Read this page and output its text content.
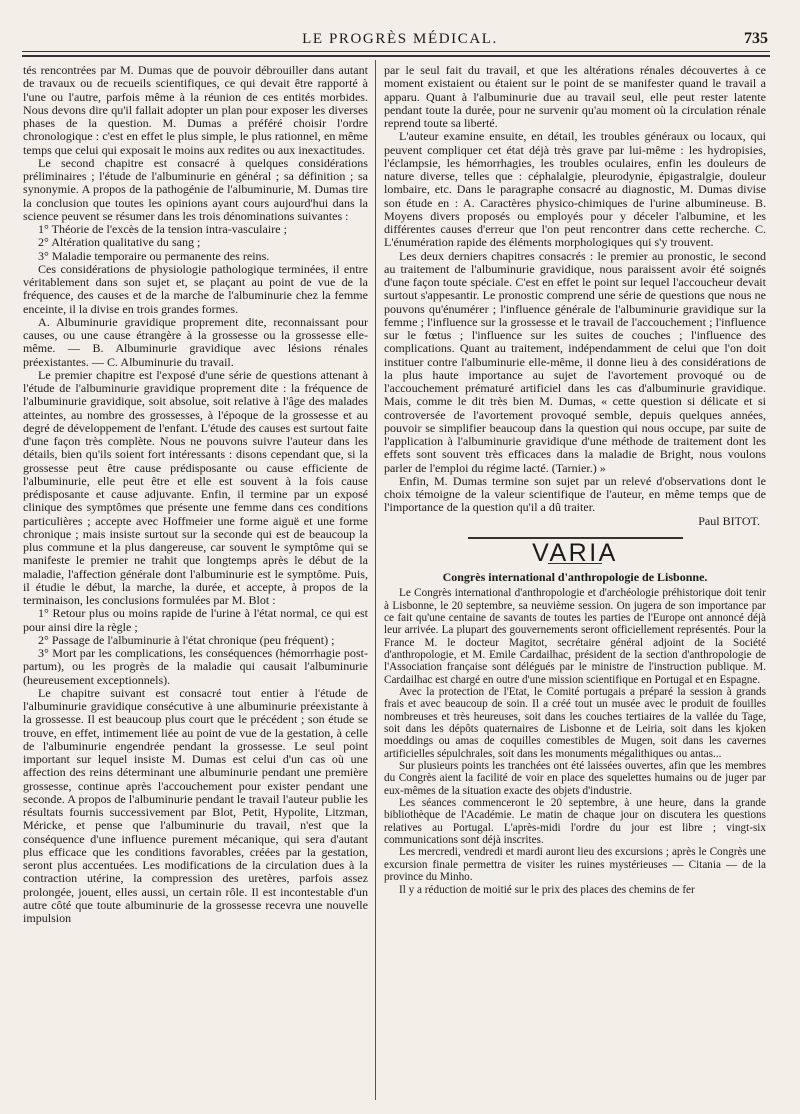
LE PROGRÈS MÉDICAL.	735

tés rencontrées par M. Dumas que de pouvoir débrouiller dans autant de travaux ou de recueils scientifiques, ce qui devait être rapporté à l'une ou l'autre, parfois même à la réunion de ces entités morbides. Nous devons dire qu'il fallait adopter un plan pour exposer les diverses phases de la question. M. Dumas a préféré choisir l'ordre chronologique : c'est en effet le plus simple, le plus rationnel, en même temps que celui qui exposait le moins aux redites ou aux inexactitudes.

Le second chapitre est consacré à quelques considérations préliminaires ; l'étude de l'albuminurie en général ; sa définition ; sa synonymie. A propos de la pathogénie de l'albuminurie, M. Dumas tire la conclusion que toutes les opinions ayant cours aujourd'hui dans la science peuvent se résumer dans les trois dénominations suivantes :

1° Théorie de l'excès de la tension intra-vasculaire ;

2° Altération qualitative du sang ;

3° Maladie temporaire ou permanente des reins.

Ces considérations de physiologie pathologique terminées, il entre véritablement dans son sujet et, se plaçant au point de vue de la fréquence, des causes et de la marche de l'albuminurie chez la femme enceinte, il la divise en trois grandes formes.

A. Albuminurie gravidique proprement dite, reconnaissant pour causes, ou une cause étrangère à la grossesse ou la grossesse elle-même. — B. Albuminurie gravidique avec lésions rénales préexistantes. — C. Albuminurie du travail.

Le premier chapitre est l'exposé d'une série de questions attenant à l'étude de l'albuminurie gravidique proprement dite : la fréquence de l'albuminurie gravidique, soit absolue, soit relative à l'âge des malades atteintes, au nombre des grossesses, à l'époque de la grossesse et au degré de développement de l'enfant. L'étude des causes est surtout faite d'une façon très complète. Nous ne pouvons suivre l'auteur dans les détails, bien qu'ils soient fort intéressants : disons cependant que, si la grossesse peut être cause prédisposante ou cause efficiente de l'albuminurie, elle peut être et elle est souvent à la fois cause prédisposante et cause adjuvante. Enfin, il termine par un exposé clinique des symptômes que présente une femme dans ces conditions particulières ; accepte avec Hoffmeier une forme aiguë et une forme chronique ; mais insiste surtout sur la seconde qui est de beaucoup la plus commune et la plus dangereuse, car souvent le symptôme qui se manifeste le premier ne trahit que longtemps après le début de la maladie, l'affection générale dont l'albuminurie est le symptôme. Puis, il étudie le début, la marche, la durée, et accepte, à propos de la terminaison, les conclusions formulées par M. Blot :

1° Retour plus ou moins rapide de l'urine à l'état normal, ce qui est pour ainsi dire la règle ;

2° Passage de l'albuminurie à l'état chronique (peu fréquent) ;

3° Mort par les complications, les conséquences (hémorrhagie post-partum), ou les progrès de la maladie qui causait l'albuminurie (heureusement exceptionnels).

Le chapitre suivant est consacré tout entier à l'étude de l'albuminurie gravidique consécutive à une albuminurie préexistante à la grossesse. Il est beaucoup plus court que le précédent ; son étude se trouve, en effet, intimement liée au point de vue de la gestation, à celle de l'albuminurie engendrée pendant la grossesse. Le seul point important sur lequel insiste M. Dumas est celui d'un cas où une affection des reins déterminant une albuminurie pendant une première grossesse, continue après l'accouchement pour exister pendant une seconde. A propos de l'albuminurie pendant le travail l'auteur publie les résultats fournis successivement par Blot, Petit, Hypolite, Litzman, Méricke, et pense que l'albuminurie du travail, n'est que la conséquence d'une influence purement mécanique, qui sera d'autant plus efficace que les conditions favorables, créées par la gestation, seront plus accentuées. Les modifications de la circulation dues à la contraction utérine, la compression des uretères, parfois assez prolongée, jouent, elles aussi, un certain rôle. Il est incontestable d'un autre côté que toute albuminurie de la grossesse recevra une nouvelle impulsion

par le seul fait du travail, et que les altérations rénales découvertes à ce moment existaient ou étaient sur le point de se manifester quand le travail a apparu. Quant à l'albuminurie due au travail seul, elle peut rester latente pendant toute la durée, pour ne survenir qu'au moment où la circulation rénale reprend toute sa liberté.

L'auteur examine ensuite, en détail, les troubles généraux ou locaux, qui peuvent compliquer cet état déjà très grave par lui-même : les hydropisies, l'éclampsie, les hémorrhagies, les troubles oculaires, enfin les douleurs de nature diverse, telles que : céphalalgie, pleurodynie, épigastralgie, douleur lombaire, etc. Dans le paragraphe consacré au diagnostic, M. Dumas divise son étude en : A. Caractères physico-chimiques de l'urine albumineuse. B. Moyens divers proposés ou employés pour y déceler l'albumine, et les différentes causes d'erreur que l'on peut rencontrer dans cette recherche. C. L'énumération rapide des éléments morphologiques qui s'y trouvent.

Les deux derniers chapitres consacrés : le premier au pronostic, le second au traitement de l'albuminurie gravidique, nous paraissent avoir été soignés d'une façon toute spéciale. C'est en effet le point sur lequel l'accoucheur devait surtout s'appesantir. Le pronostic comprend une série de questions que nous ne pouvons qu'énumérer ; l'influence générale de l'albuminurie gravidique sur la femme ; l'influence sur la grossesse et le travail de l'accouchement ; l'influence sur le fœtus ; l'influence sur les suites de couches ; l'influence des complications. Quant au traitement, indépendamment de celui que l'on doit instituer contre l'albuminurie elle-même, il donne lieu à des considérations de la plus haute importance au sujet de l'avortement provoqué ou de l'accouchement prématuré artificiel dans les cas d'albuminurie gravidique. Mais, comme le dit très bien M. Dumas, « cette question si délicate et si controversée de l'avortement provoqué semble, depuis quelques années, pouvoir se simplifier beaucoup dans la question qui nous occupe, par suite de l'application à l'albuminurie gravidique d'une méthode de traitement dont les effets sont souvent très efficaces dans la maladie de Bright, nous voulons parler de l'emploi du régime lacté. (Tarnier.) »

Enfin, M. Dumas termine son sujet par un relevé d'observations dont le choix témoigne de la valeur scientifique de l'auteur, en même temps que de l'importance de la question qu'il a dû traiter.

Paul BITOT.

VARIA
Congrès international d'anthropologie de Lisbonne.

Le Congrès international d'anthropologie et d'archéologie préhistorique doit tenir à Lisbonne, le 20 septembre, sa neuvième session. On jugera de son importance par ce fait qu'une centaine de savants de toutes les parties de l'Europe ont annoncé déjà leur arrivée. La plupart des gouvernements seront officiellement représentés. Pour la France M. le docteur Magitot, secrétaire général adjoint de la Société d'anthropologie, et M. Emile Cardailhac, président de la section d'anthropologie de l'Association française sont délégués par le ministre de l'instruction publique. M. Cardailhac est chargé en outre d'une mission scientifique en Portugal et en Espagne.

Avec la protection de l'Etat, le Comité portugais a préparé la session à grands frais et avec beaucoup de soin. Il a créé tout un musée avec le produit de fouilles nombreuses et très heureuses, soit dans les couches tertiaires de la vallée du Tage, soit dans les dépôts quaternaires de Lisbonne et de Leiria, soit dans les kjoken moeddings ou amas de coquilles comestibles de Mugen, soit dans les cavernes artificielles sépulchrales, soit dans les monuments mégalithiques ou antas...

Sur plusieurs points les tranchées ont été laissées ouvertes, afin que les membres du Congrès aient la facilité de voir en place des squelettes humains ou de juger par eux-mêmes de la situation exacte des objets d'industrie.

Les séances commenceront le 20 septembre, à une heure, dans la grande bibliothèque de l'Académie. Le matin de chaque jour on discutera les questions relatives au Portugal. L'après-midi l'ordre du jour est libre ; vingt-six communications sont déjà inscrites.

Les mercredi, vendredi et mardi auront lieu des excursions ; après le Congrès une excursion finale permettra de visiter les ruines mystérieuses — Citania — de la province du Minho.

Il y a réduction de moitié sur le prix des places des chemins de fer
